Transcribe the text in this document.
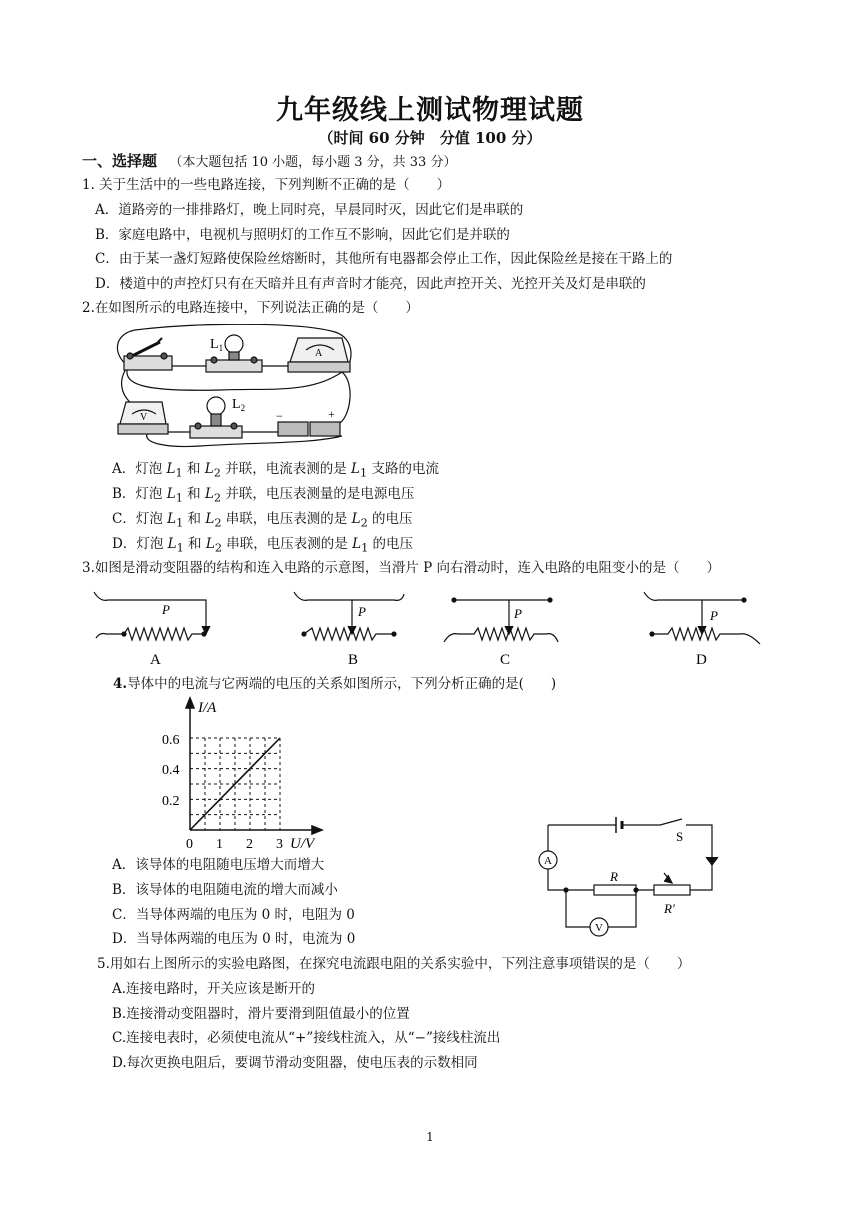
九年级线上测试物理试题
（时间 60 分钟　分值 100 分）
一、选择题 （本大题包括 10 小题，每小题 3 分，共 33 分）
1. 关于生活中的一些电路连接，下列判断不正确的是（　　）
A．道路旁的一排排路灯，晚上同时亮，早晨同时灭，因此它们是串联的
B．家庭电路中，电视机与照明灯的工作互不影响，因此它们是并联的
C．由于某一盏灯短路使保险丝熔断时，其他所有电器都会停止工作，因此保险丝是接在干路上的
D．楼道中的声控灯只有在天暗并且有声音时才能亮，因此声控开关、光控开关及灯是串联的
2.在如图所示的电路连接中，下列说法正确的是（　　）
$L_1$
$L_2$
A
V	−	+
A．灯泡 $L_1$ 和 $L_2$ 并联，电流表测的是 $L_1$ 支路的电流
B．灯泡 $L_1$ 和 $L_2$ 并联，电压表测量的是电源电压
C．灯泡 $L_1$ 和 $L_2$ 串联，电压表测的是 $L_2$ 的电压
D．灯泡 $L_1$ 和 $L_2$ 串联，电压表测的是 $L_1$ 的电压
3.如图是滑动变阻器的结构和连入电路的示意图，当滑片 P 向右滑动时，连入电路的电阻变小的是（　　）
P	P	P	P
A	B	C	D
4.导体中的电流与它两端的电压的关系如图所示，下列分析正确的是(　　)
I/A
U/V
0.6
0.4
0.2
0 1 2 3
A．该导体的电阻随电压增大而增大
B．该导体的电阻随电流的增大而减小
C．当导体两端的电压为 0 时，电阻为 0
D．当导体两端的电压为 0 时，电流为 0
A
V
S
R
R′
5.用如右上图所示的实验电路图，在探究电流跟电阻的关系实验中，下列注意事项错误的是（　　）
A.连接电路时，开关应该是断开的
B.连接滑动变阻器时，滑片要滑到阻值最小的位置
C.连接电表时，必须使电流从“+”接线柱流入，从“−”接线柱流出
D.每次更换电阻后，要调节滑动变阻器，使电压表的示数相同
1
